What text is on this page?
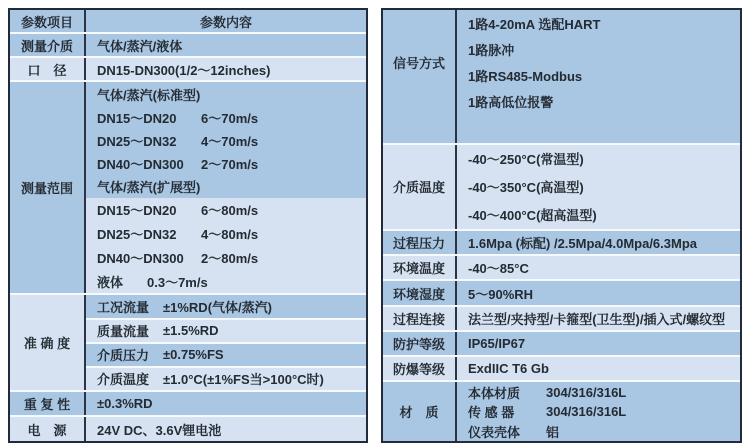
参数项目	参数内容
测量介质	气体/蒸汽/液体
口　径	DN15-DN300(1/2～12inches)
测量范围
气体/蒸汽(标准型)
DN15～DN20	6～70m/s
DN25～DN32	4～70m/s
DN40～DN300	2～70m/s
气体/蒸汽(扩展型)
DN15～DN20	6～80m/s
DN25～DN32	4～80m/s
DN40～DN300	2～80m/s
液体	0.3～7m/s
准 确 度
工况流量	±1%RD(气体/蒸汽)
质量流量	±1.5%RD
介质压力	±0.75%FS
介质温度	±1.0°C(±1%FS当>100°C时)
重 复 性	±0.3%RD
电　源	24V DC、3.6V锂电池
信号方式
1路4-20mA 选配HART
1路脉冲
1路RS485-Modbus
1路高低位报警
介质温度
-40～250°C(常温型)
-40～350°C(高温型)
-40～400°C(超高温型)
过程压力	1.6Mpa (标配) /2.5Mpa/4.0Mpa/6.3Mpa
环境温度	-40～85°C
环境湿度	5～90%RH
过程连接	法兰型/夹持型/卡箍型(卫生型)/插入式/螺纹型
防护等级	IP65/IP67
防爆等级	ExdIIC T6 Gb
材　质
本体材质	304/316/316L
传 感 器	304/316/316L
仪表壳体	铝
